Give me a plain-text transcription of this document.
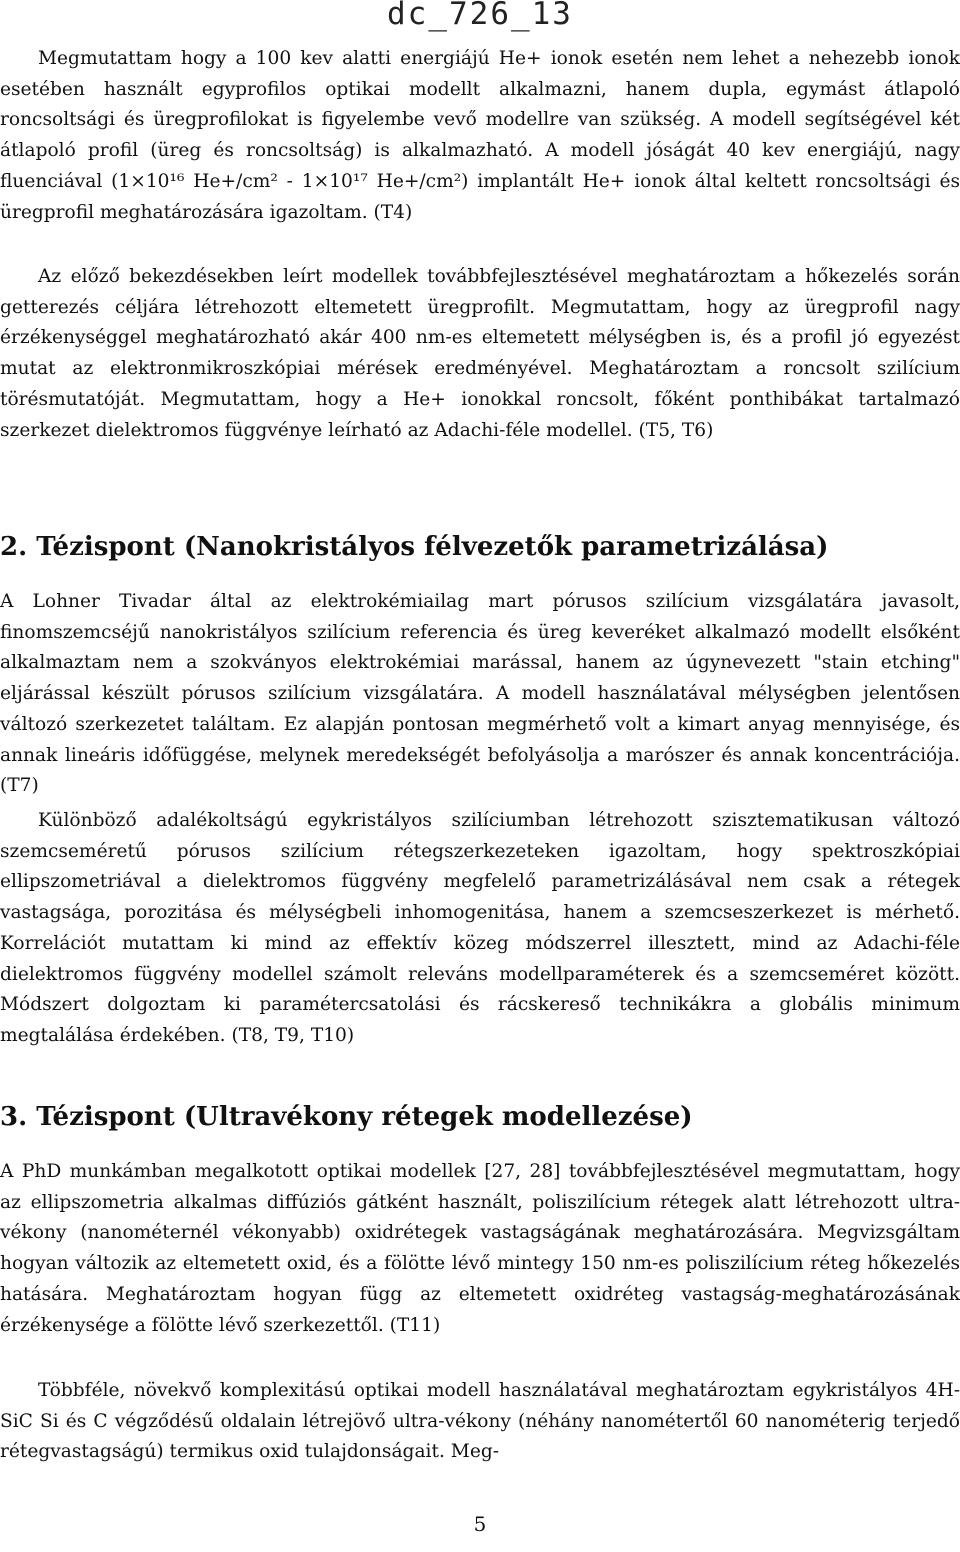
dc_726_13

Megmutattam hogy a 100 kev alatti energiájú He+ ionok esetén nem lehet a nehezebb ionok esetében használt egyprofilos optikai modellt alkalmazni, hanem dupla, egymást átlapoló roncsoltsági és üregprofilokat is figyelembe vevő modellre van szükség. A modell segítségével két átlapoló profil (üreg és roncsoltság) is alkalmazható. A modell jóságát 40 kev energiájú, nagy fluenciával (1×10¹⁶ He+/cm² - 1×10¹⁷ He+/cm²) implantált He+ ionok által keltett roncsoltsági és üregprofil meghatározására igazoltam. (T4)

Az előző bekezdésekben leírt modellek továbbfejlesztésével meghatároztam a hőkezelés során getterezés céljára létrehozott eltemetett üregprofilt. Megmutattam, hogy az üregprofil nagy érzékenységgel meghatározható akár 400 nm-es eltemetett mélységben is, és a profil jó egyezést mutat az elektronmikroszkópiai mérések eredményével. Meghatároztam a roncsolt szilícium törésmutatóját. Megmutattam, hogy a He+ ionokkal roncsolt, főként ponthibákat tartalmazó szerkezet dielektromos függvénye leírható az Adachi-féle modellel. (T5, T6)

2. Tézispont (Nanokristályos félvezetők parametrizálása)

A Lohner Tivadar által az elektrokémiailag mart pórusos szilícium vizsgálatára javasolt, finomszemcséjű nanokristályos szilícium referencia és üreg keveréket alkalmazó modellt elsőként alkalmaztam nem a szokványos elektrokémiai marással, hanem az úgynevezett "stain etching" eljárással készült pórusos szilícium vizsgálatára. A modell használatával mélységben jelentősen változó szerkezetet találtam. Ez alapján pontosan megmérhető volt a kimart anyag mennyisége, és annak lineáris időfüggése, melynek meredekségét befolyásolja a marószer és annak koncentrációja. (T7)

Különböző adalékoltságú egykristályos szilíciumban létrehozott szisztematikusan változó szemcseméretű pórusos szilícium rétegszerkezeteken igazoltam, hogy spektroszkópiai ellipszometriával a dielektromos függvény megfelelő parametrizálásával nem csak a rétegek vastagsága, porozitása és mélységbeli inhomogenitása, hanem a szemcseszerkezet is mérhető. Korrelációt mutattam ki mind az effektív közeg módszerrel illesztett, mind az Adachi-féle dielektromos függvény modellel számolt releváns modellparaméterek és a szemcseméret között. Módszert dolgoztam ki paramétercsatolási és rácskereső technikákra a globális minimum megtalálása érdekében. (T8, T9, T10)

3. Tézispont (Ultravékony rétegek modellezése)

A PhD munkámban megalkotott optikai modellek [27, 28] továbbfejlesztésével megmutattam, hogy az ellipszometria alkalmas diffúziós gátként használt, poliszilícium rétegek alatt létrehozott ultra-vékony (nanométernél vékonyabb) oxidrétegek vastagságának meghatározására. Megvizsgáltam hogyan változik az eltemetett oxid, és a fölötte lévő mintegy 150 nm-es poliszilícium réteg hőkezelés hatására. Meghatároztam hogyan függ az eltemetett oxidréteg vastagság-meghatározásának érzékenysége a fölötte lévő szerkezettől. (T11)

Többféle, növekvő komplexitású optikai modell használatával meghatároztam egykristályos 4H-SiC Si és C végződésű oldalain létrejövő ultra-vékony (néhány nanométertől 60 nanométerig terjedő rétegvastagságú) termikus oxid tulajdonságait. Meg-

5
